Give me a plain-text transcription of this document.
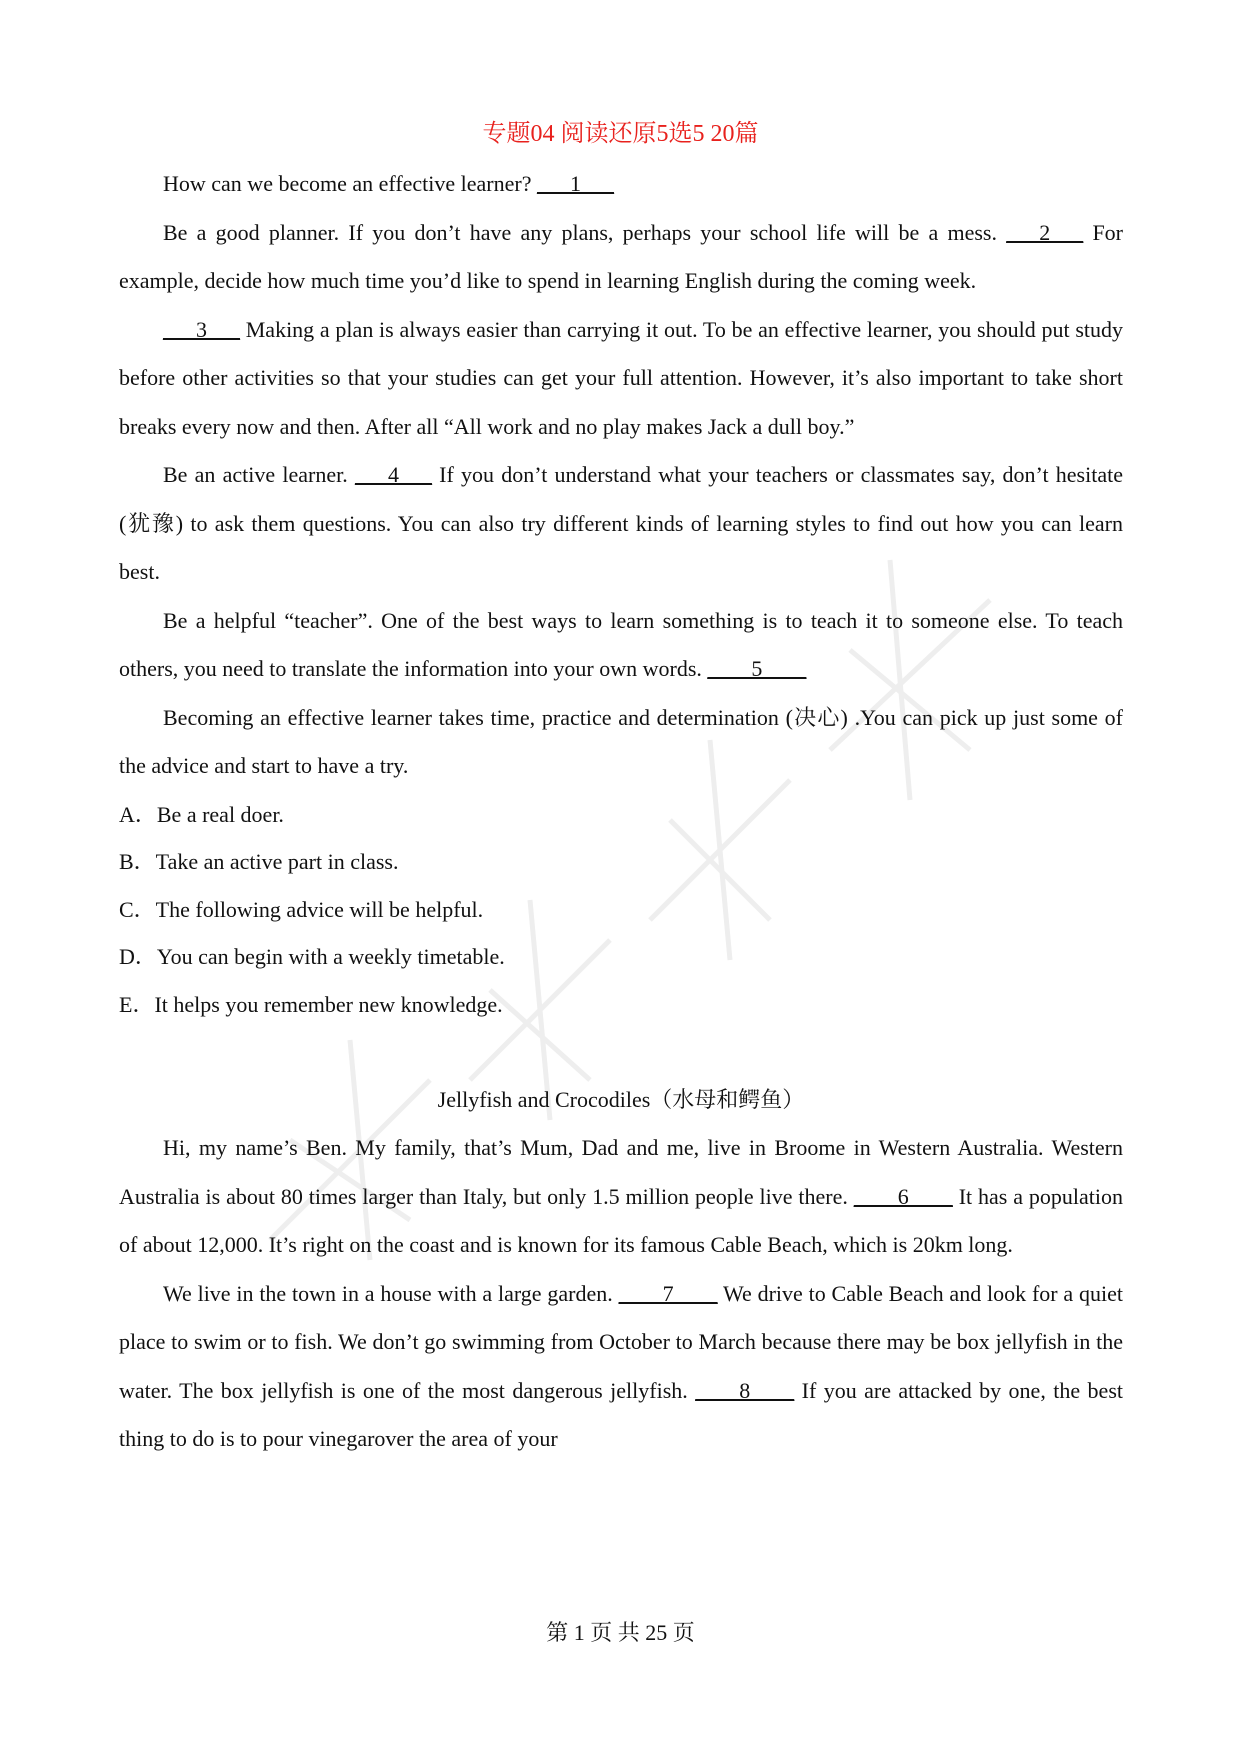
专题04 阅读还原5选5 20篇

How can we become an effective learner? ___1___

Be a good planner. If you don’t have any plans, perhaps your school life will be a mess. ___2___ For example, decide how much time you’d like to spend in learning English during the coming week.

___3___ Making a plan is always easier than carrying it out. To be an effective learner, you should put study before other activities so that your studies can get your full attention. However, it’s also important to take short breaks every now and then. After all “All work and no play makes Jack a dull boy.”

Be an active learner. ___4___ If you don’t understand what your teachers or classmates say, don’t hesitate (犹豫) to ask them questions. You can also try different kinds of learning styles to find out how you can learn best.

Be a helpful “teacher”. One of the best ways to learn something is to teach it to someone else. To teach others, you need to translate the information into your own words. ____5____

Becoming an effective learner takes time, practice and determination (决心) .You can pick up just some of the advice and start to have a try.

A．Be a real doer.

B．Take an active part in class.

C．The following advice will be helpful.

D．You can begin with a weekly timetable.

E．It helps you remember new knowledge.

Jellyfish and Crocodiles（水母和鳄鱼）

Hi, my name’s Ben. My family, that’s Mum, Dad and me, live in Broome in Western Australia. Western Australia is about 80 times larger than Italy, but only 1.5 million people live there. ____6____ It has a population of about 12,000. It’s right on the coast and is known for its famous Cable Beach, which is 20km long.

We live in the town in a house with a large garden. ____7____ We drive to Cable Beach and look for a quiet place to swim or to fish. We don’t go swimming from October to March because there may be box jellyfish in the water. The box jellyfish is one of the most dangerous jellyfish. ____8____ If you are attacked by one, the best thing to do is to pour vinegarover the area of your

第 1 页 共 25 页
